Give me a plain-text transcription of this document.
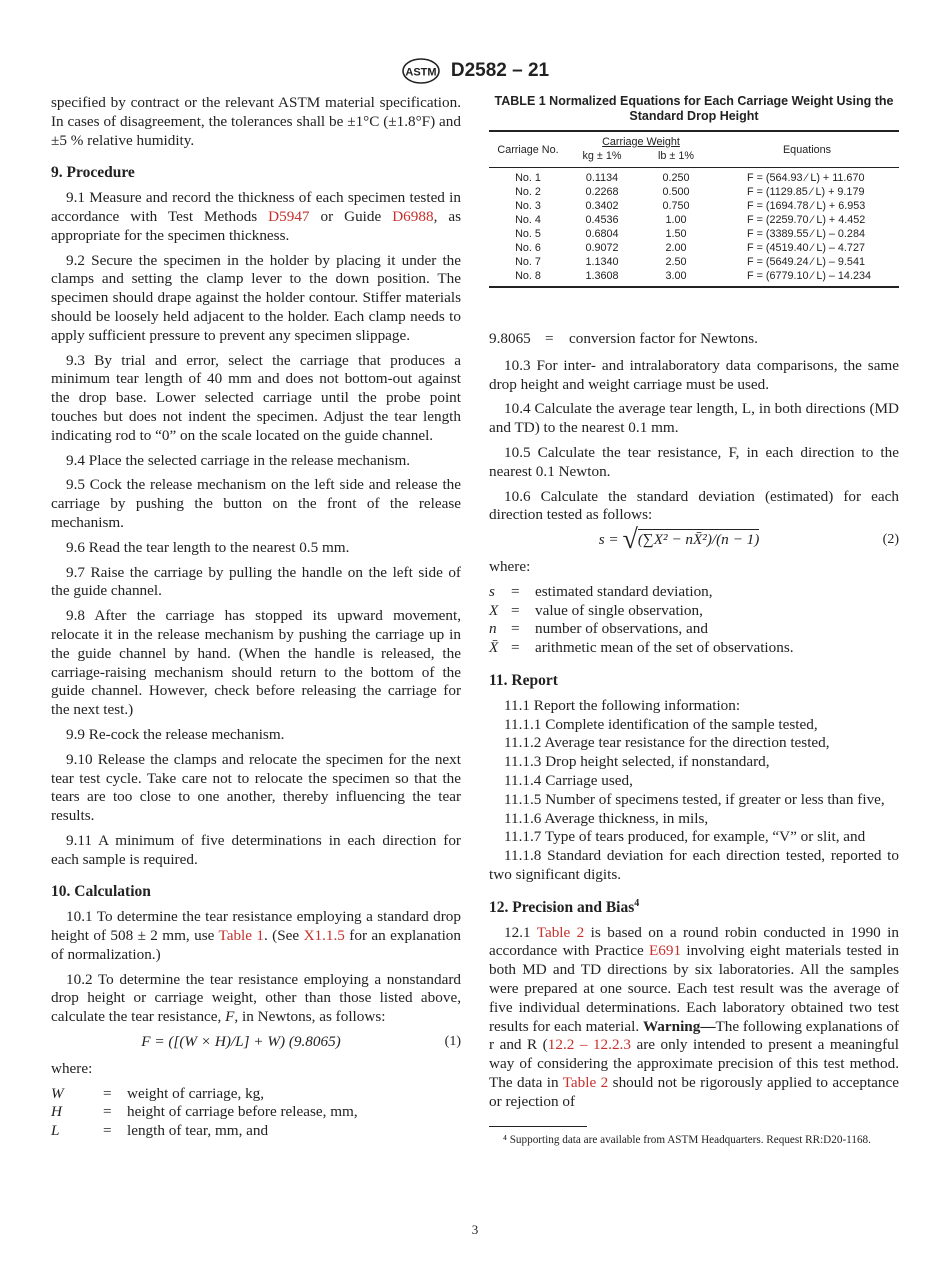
ASTM D2582 – 21

specified by contract or the relevant ASTM material specification. In cases of disagreement, the tolerances shall be ±1°C (±1.8°F) and ±5 % relative humidity.

9. Procedure

9.1 Measure and record the thickness of each specimen tested in accordance with Test Methods D5947 or Guide D6988, as appropriate for the specimen thickness.

9.2 Secure the specimen in the holder by placing it under the clamps and setting the clamp lever to the down position. The specimen should drape against the holder contour. Stiffer materials should be loosely held adjacent to the holder. Each clamp needs to apply sufficient pressure to prevent any specimen slippage.

9.3 By trial and error, select the carriage that produces a minimum tear length of 40 mm and does not bottom-out against the drop base. Lower selected carriage until the probe point touches but does not indent the specimen. Adjust the tear length indicating rod to “0” on the scale located on the guide channel.

9.4 Place the selected carriage in the release mechanism.

9.5 Cock the release mechanism on the left side and release the carriage by pushing the button on the front of the release mechanism.

9.6 Read the tear length to the nearest 0.5 mm.

9.7 Raise the carriage by pulling the handle on the left side of the guide channel.

9.8 After the carriage has stopped its upward movement, relocate it in the release mechanism by pushing the carriage up in the guide channel by hand. (When the handle is released, the carriage-raising mechanism should return to the bottom of the guide channel. However, check before releasing the carriage for the next test.)

9.9 Re-cock the release mechanism.

9.10 Release the clamps and relocate the specimen for the next tear test cycle. Take care not to relocate the specimen so that the tears are too close to one another, thereby influencing the tear results.

9.11 A minimum of five determinations in each direction for each sample is required.

10. Calculation

10.1 To determine the tear resistance employing a standard drop height of 508 ± 2 mm, use Table 1. (See X1.1.5 for an explanation of normalization.)

10.2 To determine the tear resistance employing a nonstandard drop height or carriage weight, other than those listed above, calculate the tear resistance, F, in Newtons, as follows:

F = ([(W × H)/L] + W) (9.8065)	(1)

where:

W	=	weight of carriage, kg,
H	=	height of carriage before release, mm,
L	=	length of tear, mm, and
TABLE 1 Normalized Equations for Each Carriage Weight Using the Standard Drop Height
Carriage No.	Carriage Weight		Equations
	kg ± 1%	lb ± 1%	
No. 1	0.1134	0.250	F = (564.93 ⁄ L) + 11.670
No. 2	0.2268	0.500	F = (1129.85 ⁄ L) + 9.179
No. 3	0.3402	0.750	F = (1694.78 ⁄ L) + 6.953
No. 4	0.4536	1.00	F = (2259.70 ⁄ L) + 4.452
No. 5	0.6804	1.50	F = (3389.55 ⁄ L) – 0.284
No. 6	0.9072	2.00	F = (4519.40 ⁄ L) – 4.727
No. 7	1.1340	2.50	F = (5649.24 ⁄ L) – 9.541
No. 8	1.3608	3.00	F = (6779.10 ⁄ L) – 14.234
9.8065 =	conversion factor for Newtons.

10.3 For inter- and intralaboratory data comparisons, the same drop height and weight carriage must be used.

10.4 Calculate the average tear length, L, in both directions (MD and TD) to the nearest 0.1 mm.

10.5 Calculate the tear resistance, F, in each direction to the nearest 0.1 Newton.

10.6 Calculate the standard deviation (estimated) for each direction tested as follows:

s = √(∑X² − nX̄²)/(n − 1)	(2)

where:

s	=	estimated standard deviation,
X =	value of single observation,
n =	number of observations, and
X̄ =	arithmetic mean of the set of observations.
11. Report

11.1 Report the following information:

11.1.1 Complete identification of the sample tested,

11.1.2 Average tear resistance for the direction tested,

11.1.3 Drop height selected, if nonstandard,

11.1.4 Carriage used,

11.1.5 Number of specimens tested, if greater or less than five,

11.1.6 Average thickness, in mils,

11.1.7 Type of tears produced, for example, “V” or slit, and

11.1.8 Standard deviation for each direction tested, reported to two significant digits.

12. Precision and Bias$^4$

12.1 Table 2 is based on a round robin conducted in 1990 in accordance with Practice E691 involving eight materials tested in both MD and TD directions by six laboratories. All the samples were prepared at one source. Each test result was the average of five individual determinations. Each laboratory obtained two test results for each material. Warning—The following explanations of r and R (12.2 – 12.2.3 are only intended to present a meaningful way of considering the approximate precision of this test method. The data in Table 2 should not be rigorously applied to acceptance or rejection of

⁴ Supporting data are available from ASTM Headquarters. Request RR:D20-1168.

3
